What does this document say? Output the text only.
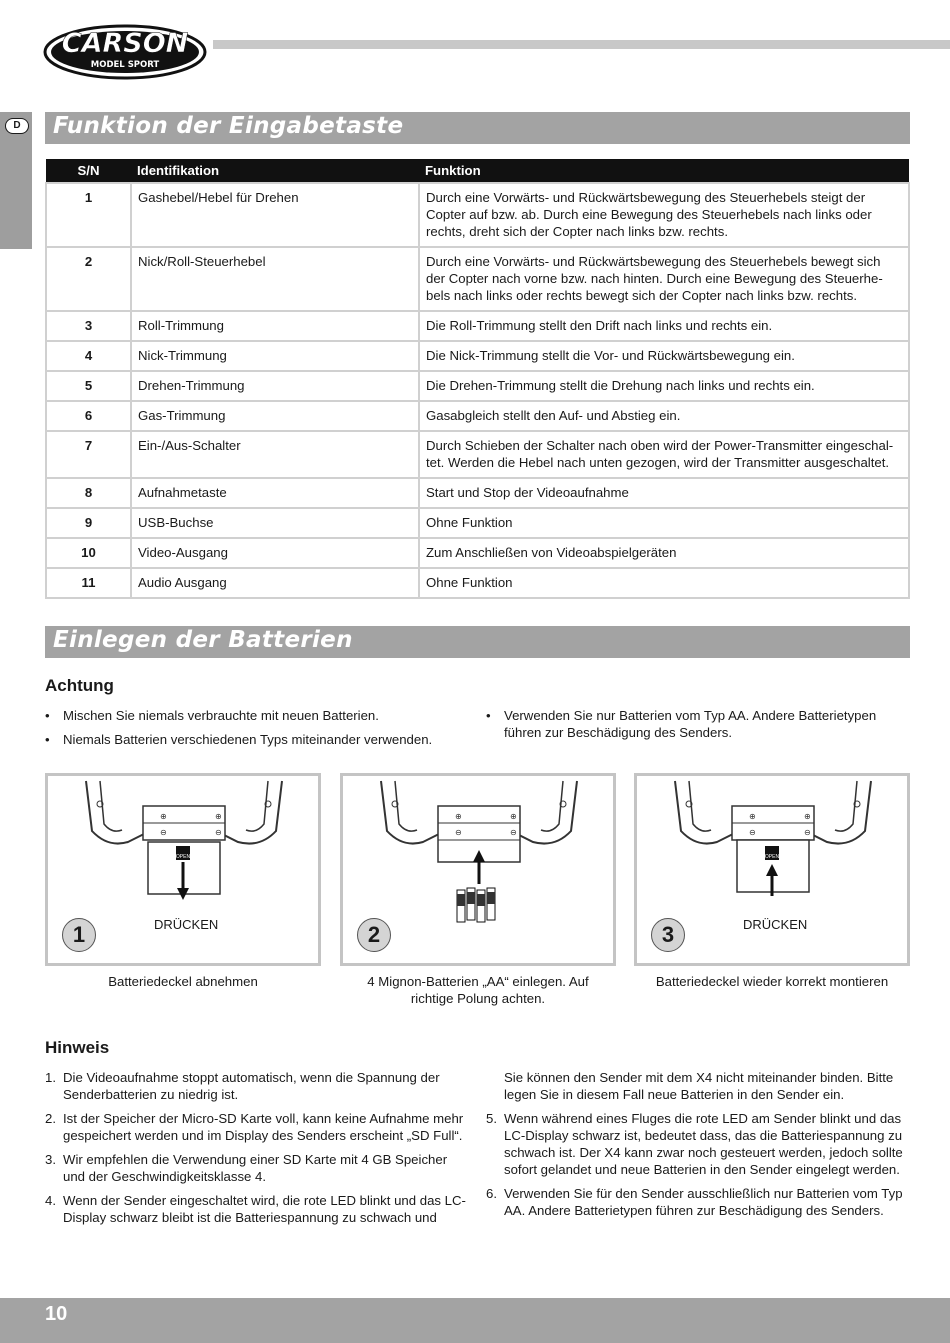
CARSON
MODEL SPORT
D	Funktion der Eingabetaste
S/N	Identifikation	Funktion
1	Gashebel/Hebel für Drehen	Durch eine Vorwärts- und Rückwärtsbewegung des Steuerhebels steigt der Copter auf bzw. ab. Durch eine Bewegung des Steuerhebels nach links oder rechts, dreht sich der Copter nach links bzw. rechts.
2	Nick/Roll-Steuerhebel	Durch eine Vorwärts- und Rückwärtsbewegung des Steuerhebels bewegt sich der Copter nach vorne bzw. nach hinten. Durch eine Bewegung des Steuerhe-bels nach links oder rechts bewegt sich der Copter nach links bzw. rechts.
3	Roll-Trimmung	Die Roll-Trimmung stellt den Drift nach links und rechts ein.
4	Nick-Trimmung	Die Nick-Trimmung stellt die Vor- und Rückwärtsbewegung ein.
5	Drehen-Trimmung	Die Drehen-Trimmung stellt die Drehung nach links und rechts ein.
6	Gas-Trimmung	Gasabgleich stellt den Auf- und Abstieg ein.
7	Ein-/Aus-Schalter	Durch Schieben der Schalter nach oben wird der Power-Transmitter eingeschal-tet. Werden die Hebel nach unten gezogen, wird der Transmitter ausgeschaltet.
8	Aufnahmetaste	Start und Stop der Videoaufnahme
9	USB-Buchse	Ohne Funktion
10	Video-Ausgang	Zum Anschließen von Videoabspielgeräten
11	Audio Ausgang	Ohne Funktion
Einlegen der Batterien
Achtung
• Mischen Sie niemals verbrauchte mit neuen Batterien.
• Niemals Batterien verschiedenen Typs miteinander verwenden.
• Verwenden Sie nur Batterien vom Typ AA. Andere Batterietypen führen zur Beschädigung des Senders.
⊕	⊕
⊖	⊖
OPEN
1	DRÜCKEN
⊕	⊕
⊖	⊖
2
⊕	⊕
⊖	⊖
OPEN
3	DRÜCKEN
Batteriedeckel abnehmen	4 Mignon-Batterien „AA“ einlegen. Auf richtige Polung achten.
Batteriedeckel wieder korrekt montieren
Hinweis
1. Die Videoaufnahme stoppt automatisch, wenn die Spannung der Senderbatterien zu niedrig ist.
2. Ist der Speicher der Micro-SD Karte voll, kann keine Aufnahme mehr gespeichert werden und im Display des Senders erscheint „SD Full“.
3. Wir empfehlen die Verwendung einer SD Karte mit 4 GB Speicher und der Geschwindigkeitsklasse 4.
4. Wenn der Sender eingeschaltet wird, die rote LED blinkt und das LC-Display schwarz bleibt ist die Batteriespannung zu schwach und
Sie können den Sender mit dem X4 nicht miteinander binden. Bitte legen Sie in diesem Fall neue Batterien in den Sender ein.
5. Wenn während eines Fluges die rote LED am Sender blinkt und das LC-Display schwarz ist, bedeutet dass, das die Batteriespannung zu schwach ist. Der X4 kann zwar noch gesteuert werden, jedoch sollte sofort gelandet und neue Batterien in den Sender eingelegt werden.
6. Verwenden Sie für den Sender ausschließlich nur Batterien vom Typ AA. Andere Batterietypen führen zur Beschädigung des Senders.
10
